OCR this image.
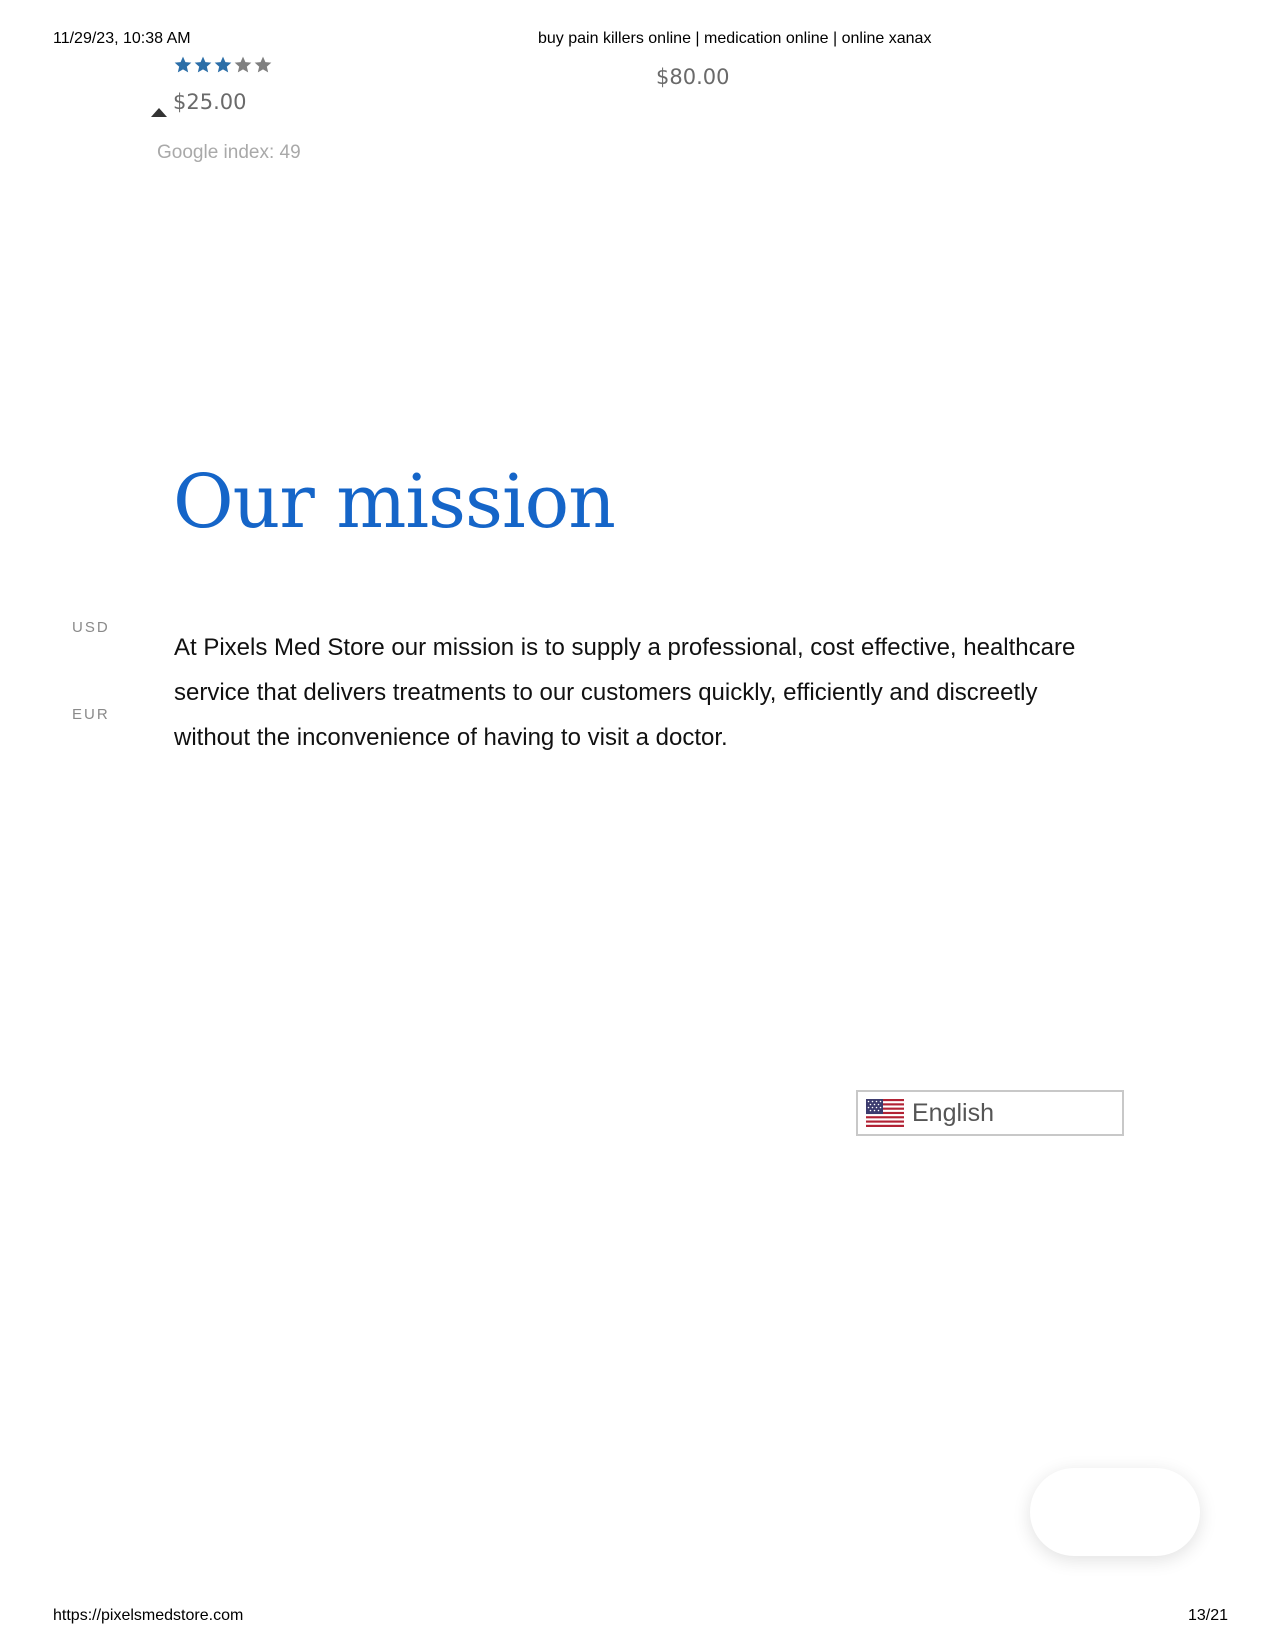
11/29/23, 10:38 AM	buy pain killers online | medication online | online xanax
$25.00
Google index: 49
$80.00
USD
EUR
Our mission
At Pixels Med Store our mission is to supply a professional, cost effective, healthcare service that delivers treatments to our customers quickly, efficiently and discreetly without the inconvenience of having to visit a doctor.
English
https://pixelsmedstore.com	13/21
